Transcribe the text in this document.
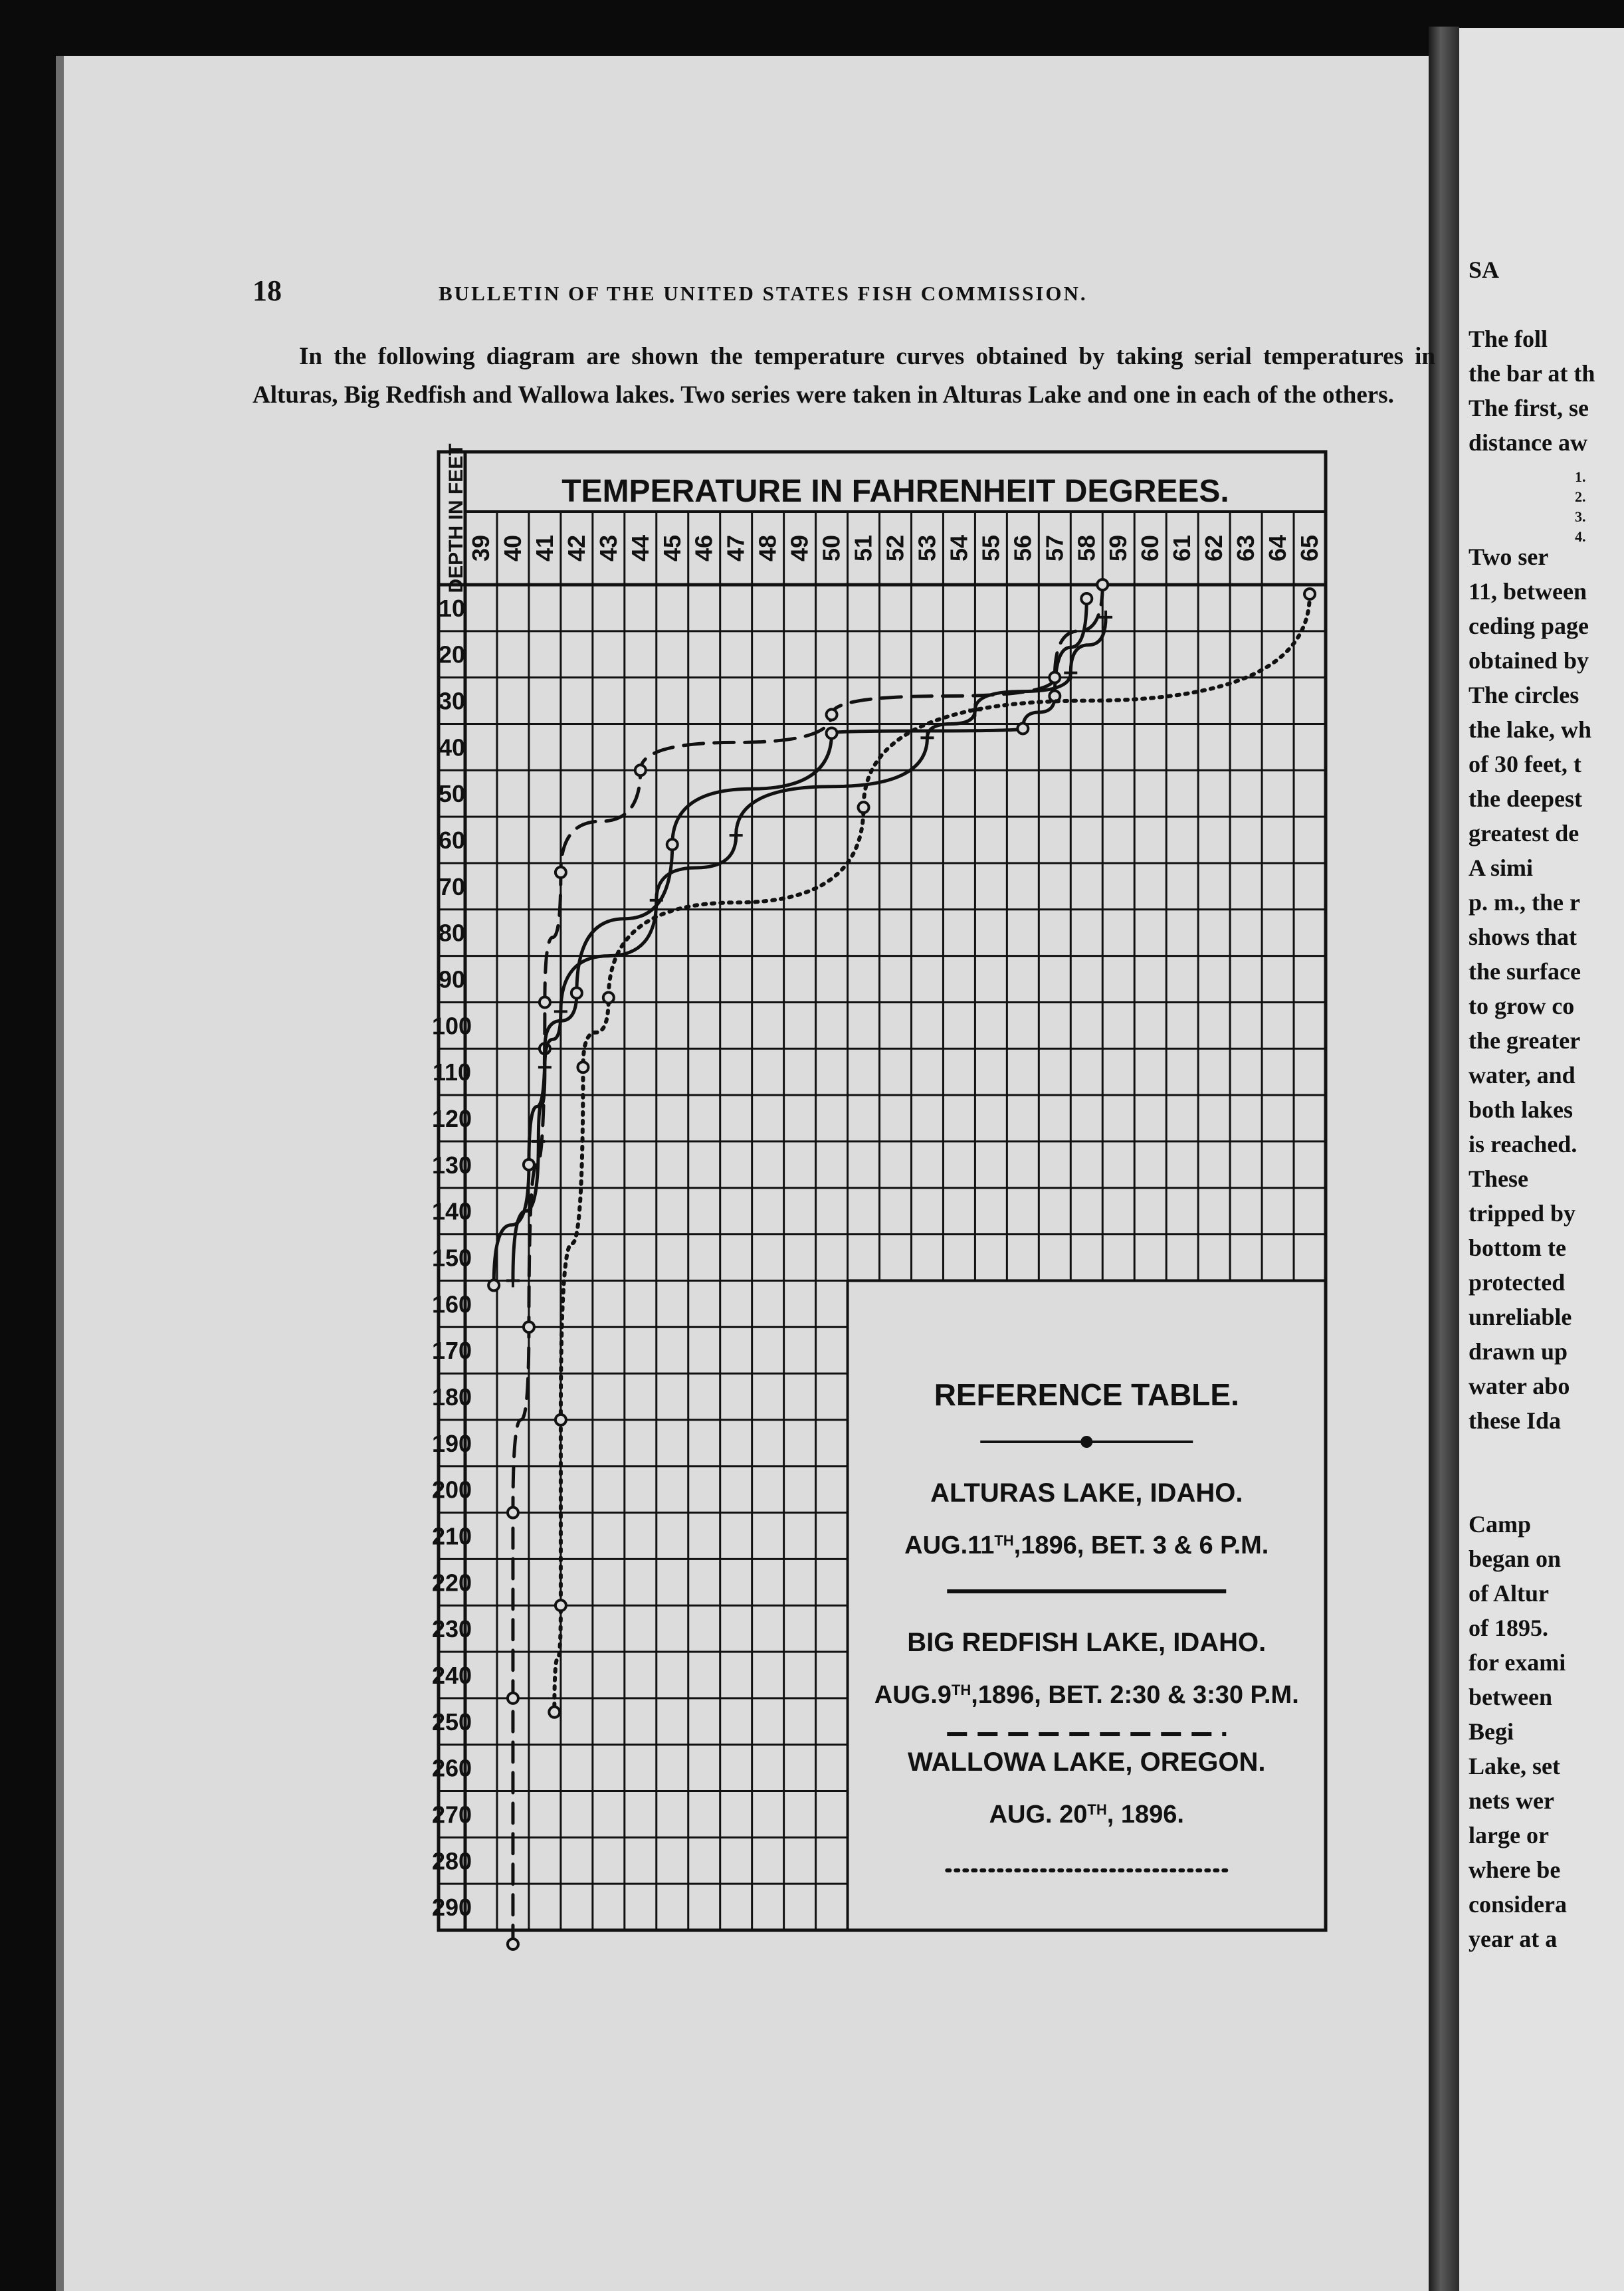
18	BULLETIN OF THE UNITED STATES FISH COMMISSION.

In the following diagram are shown the temperature curves obtained by taking serial temperatures in Alturas, Big Redfish and Wallowa lakes. Two series were taken in Alturas Lake and one in each of the others.

SA
The foll
the bar at th
The first, se
distance aw
1.
2.
3.
4.
Two ser
11, between
ceding page
obtained by
The circles
the lake, wh
of 30 feet, t
the deepest
greatest de
A simi
p. m., the r
shows that
the surface
to grow co
the greater
water, and
both lakes
is reached.
These
tripped by
bottom te
protected
unreliable
drawn up
water abo
these Ida
Camp
began on
of Altur
of 1895.
for exami
between
Begi
Lake, set
nets wer
large or
where be
considera
year at a
TEMPERATURE IN FAHRENHEIT DEGREES.
DEPTH IN FEET 39 40 41 42 43 44 45 46 47 48 49 50 51 52 53 54 55 56 57 58 59 60 61 62 63 64 65
10
20
30
40
50
60
70
80
90
100
110
120
130
140
150
160
170
180
190
200
210
220
230
240
250
260
270
280
290
REFERENCE TABLE.
ALTURAS LAKE, IDAHO.
AUG.11TH,1896, BET. 3 & 6 P.M.
BIG REDFISH LAKE, IDAHO.
AUG.9TH,1896, BET. 2:30 & 3:30 P.M.
WALLOWA LAKE, OREGON.
AUG. 20TH, 1896.
